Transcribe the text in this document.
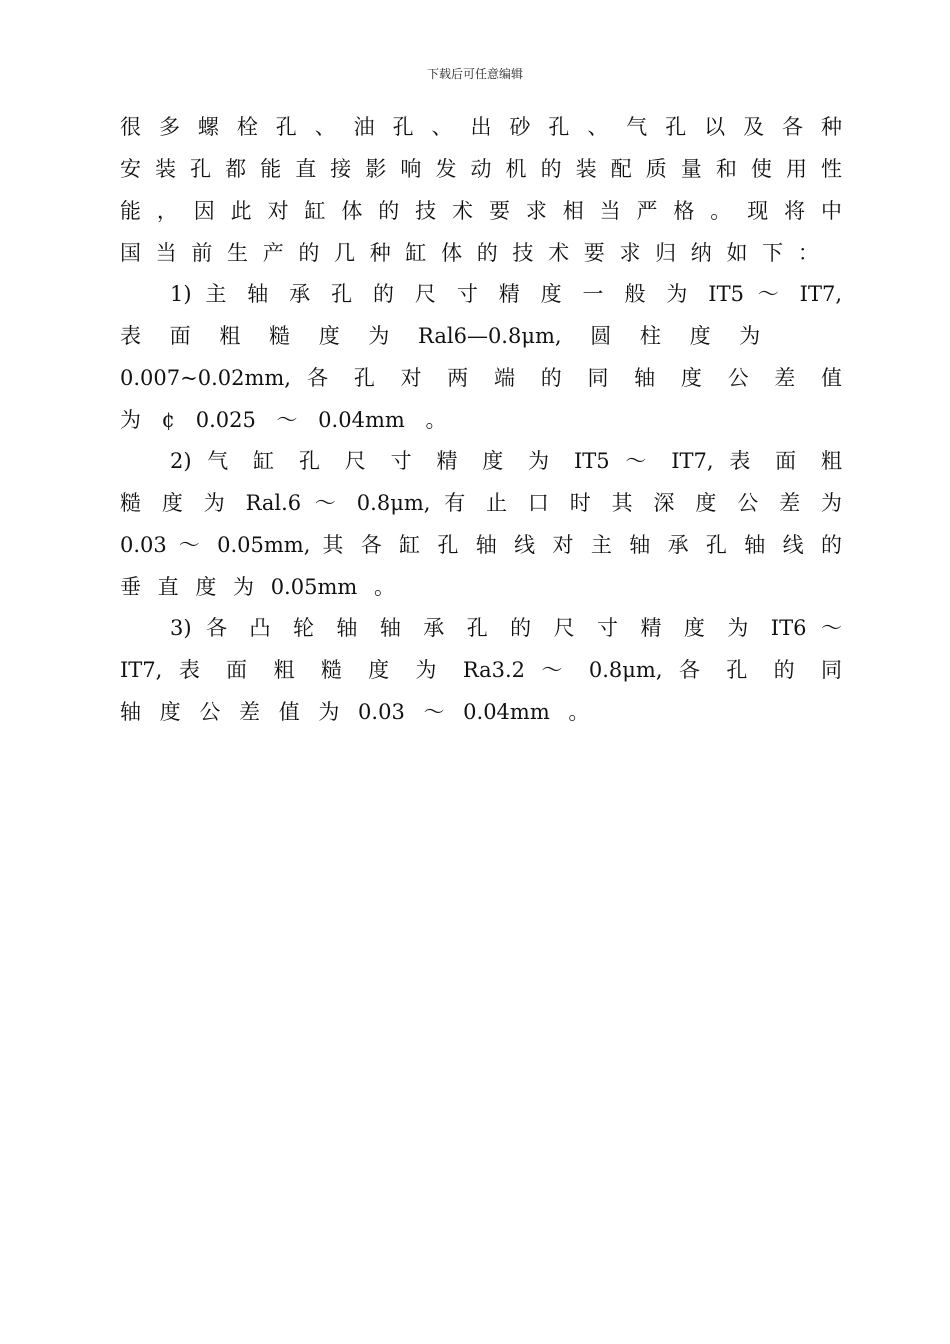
下载后可任意编辑
很 多 螺 栓 孔 、 油 孔 、 出 砂 孔 、 气 孔 以 及 各 种
安 装 孔 都 能 直 接 影 响 发 动 机 的 装 配 质 量 和 使 用 性
能 ， 因 此 对 缸 体 的 技 术 要 求 相 当 严 格 。 现 将 中
国 当 前 生 产 的 几 种 缸 体 的 技 术 要 求 归 纳 如 下 ：
1) 主 轴 承 孔 的 尺 寸 精 度 一 般 为 IT5 ～ IT7,
表 面 粗 糙 度 为 Ral6—0.8μm, 圆 柱 度 为
0.007~0.02mm, 各 孔 对 两 端 的 同 轴 度 公 差 值
为 ¢ 0.025 ～ 0.04mm 。
2) 气 缸 孔 尺 寸 精 度 为 IT5 ～ IT7, 表 面 粗
糙 度 为 Ral.6 ～ 0.8μm, 有 止 口 时 其 深 度 公 差 为
0.03 ～ 0.05mm, 其 各 缸 孔 轴 线 对 主 轴 承 孔 轴 线 的
垂 直 度 为 0.05mm 。
3) 各 凸 轮 轴 轴 承 孔 的 尺 寸 精 度 为 IT6 ～
IT7, 表 面 粗 糙 度 为 Ra3.2 ～ 0.8μm, 各 孔 的 同
轴 度 公 差 值 为 0.03 ～ 0.04mm 。
